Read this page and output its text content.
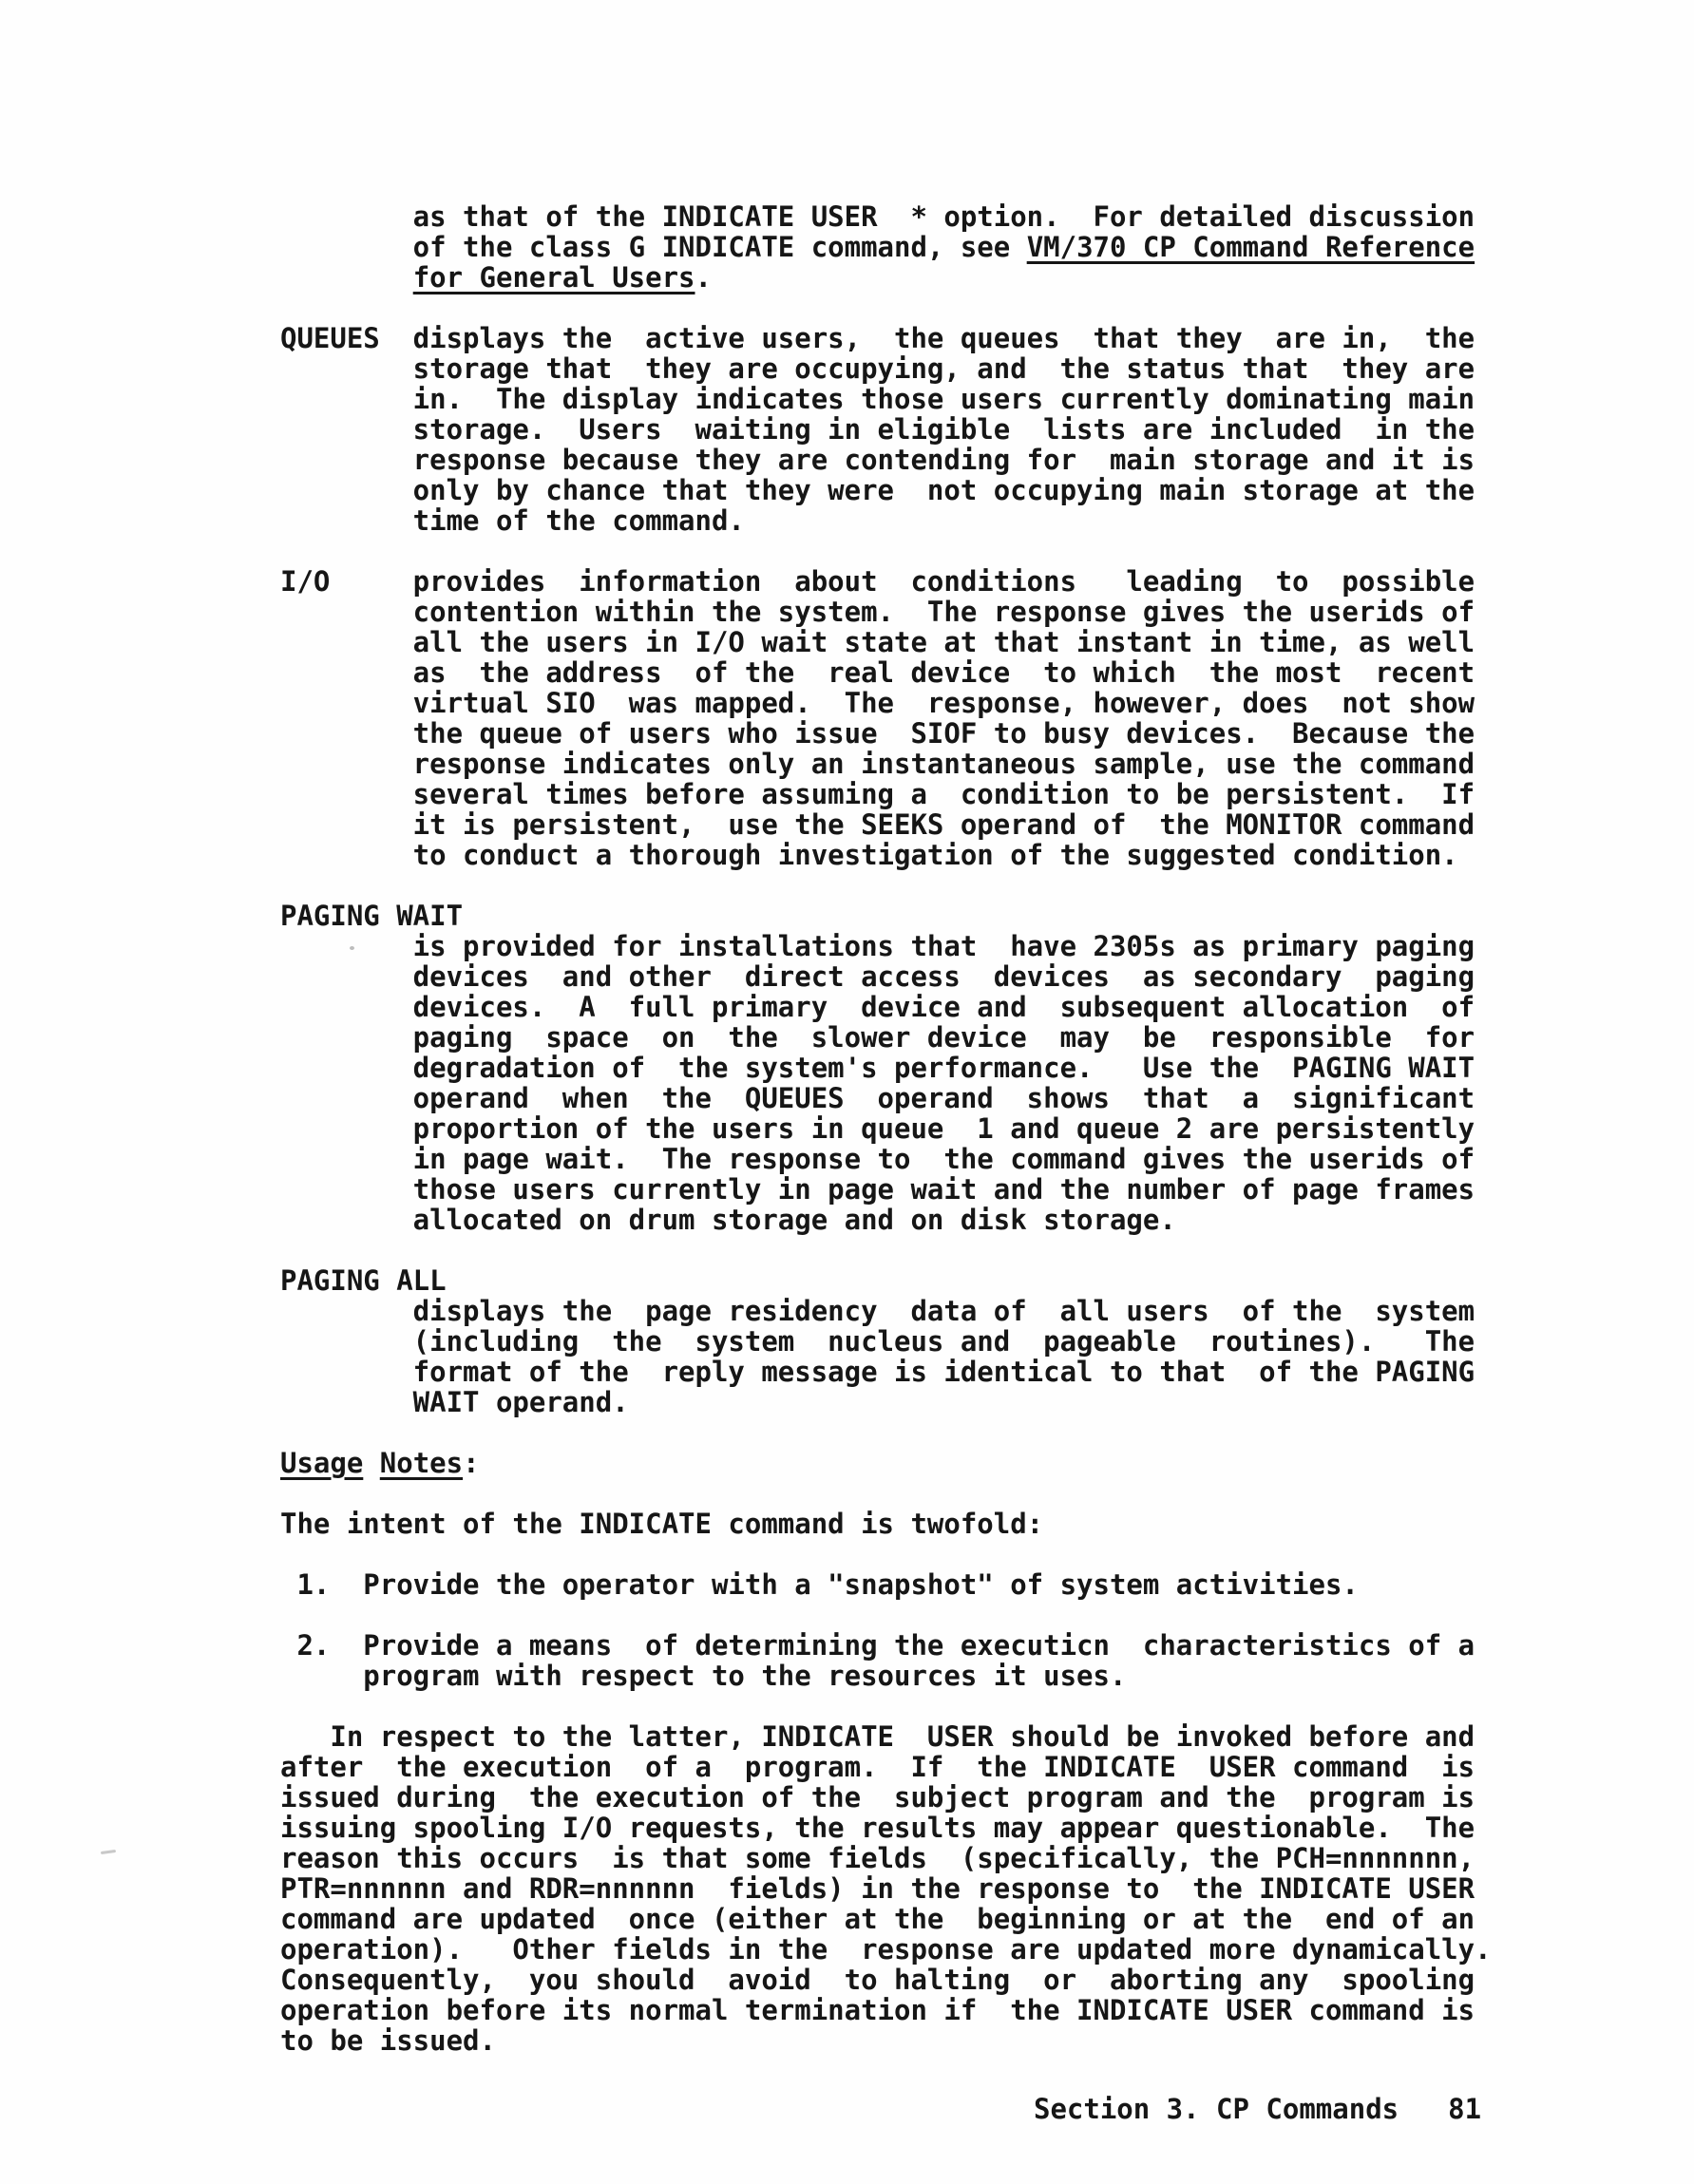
as that of the INDICATE USER  * option.  For detailed discussion
of the class G INDICATE command, see VM/370 CP Command Reference
for General Users.
QUEUES  displays the  active users,  the queues  that they  are in,  the
storage that  they are occupying, and  the status that  they are
in.  The display indicates those users currently dominating main
storage.  Users  waiting in eligible  lists are included  in the
response because they are contending for  main storage and it is
only by chance that they were  not occupying main storage at the
time of the command.
I/O     provides  information  about  conditions   leading  to  possible
contention within the system.  The response gives the userids of
all the users in I/O wait state at that instant in time, as well
as  the address  of the  real device  to which  the most  recent
virtual SIO  was mapped.  The  response, however, does  not show
the queue of users who issue  SIOF to busy devices.  Because the
response indicates only an instantaneous sample, use the command
several times before assuming a  condition to be persistent.  If
it is persistent,  use the SEEKS operand of  the MONITOR command
to conduct a thorough investigation of the suggested condition.
PAGING WAIT
is provided for installations that  have 2305s as primary paging
devices  and other  direct access  devices  as secondary  paging
devices.  A  full primary  device and  subsequent allocation  of
paging  space  on  the  slower device  may  be  responsible  for
degradation of  the system's performance.   Use the  PAGING WAIT
operand  when  the  QUEUES  operand  shows  that  a  significant
proportion of the users in queue  1 and queue 2 are persistently
in page wait.  The response to  the command gives the userids of
those users currently in page wait and the number of page frames
allocated on drum storage and on disk storage.
PAGING ALL
displays the  page residency  data of  all users  of the  system
(including  the  system  nucleus and  pageable  routines).   The
format of the  reply message is identical to that  of the PAGING
WAIT operand.
Usage Notes:
The intent of the INDICATE command is twofold:
1.  Provide the operator with a "snapshot" of system activities.
2.  Provide a means  of determining the executicn  characteristics of a
program with respect to the resources it uses.
In respect to the latter, INDICATE  USER should be invoked before and
after  the execution  of a  program.  If  the INDICATE  USER command  is
issued during  the execution of the  subject program and the  program is
issuing spooling I/O requests, the results may appear questionable.  The
reason this occurs  is that some fields  (specifically, the PCH=nnnnnnn,
PTR=nnnnnn and RDR=nnnnnn  fields) in the response to  the INDICATE USER
command are updated  once (either at the  beginning or at the  end of an
operation).   Other fields in the  response are updated more dynamically.
Consequently,  you should  avoid  to halting  or  aborting any  spooling
operation before its normal termination if  the INDICATE USER command is
to be issued.
Section 3. CP Commands 81
